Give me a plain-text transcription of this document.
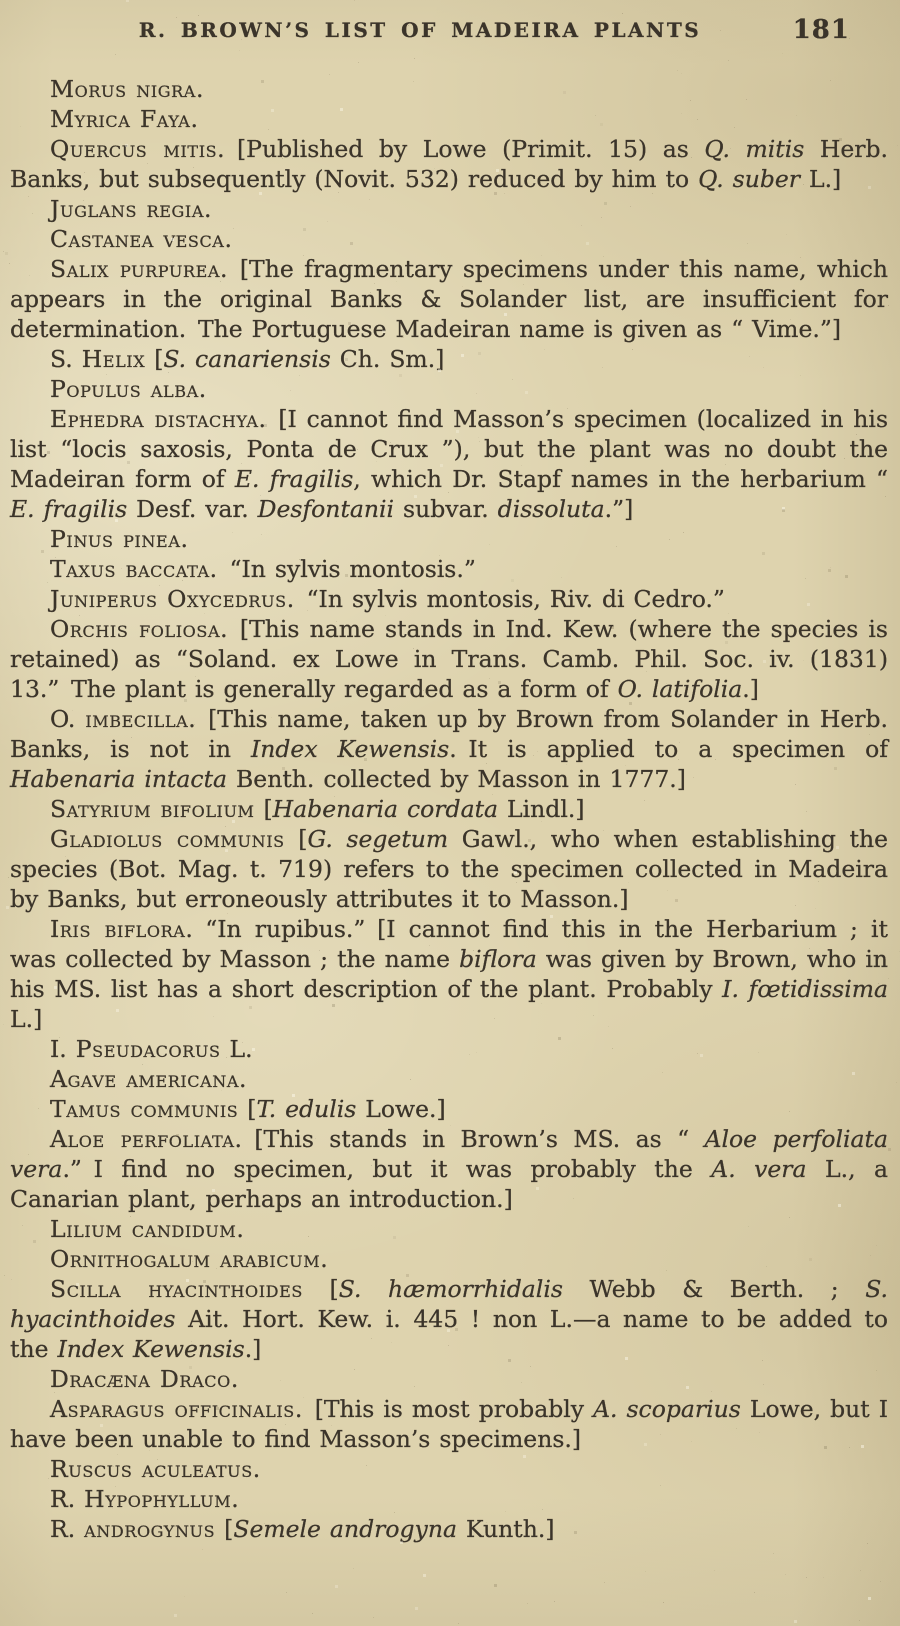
R. BROWN’S LIST OF MADEIRA PLANTS	181

Morus nigra.

Myrica Faya.

Quercus mitis. [Published by Lowe (Primit. 15) as Q. mitis Herb. Banks, but subsequently (Novit. 532) reduced by him to Q. suber L.]

Juglans regia.

Castanea vesca.

Salix purpurea. [The fragmentary specimens under this name, which appears in the original Banks & Solander list, are insufficient for determination. The Portuguese Madeiran name is given as “ Vime.”]

S. Helix [S. canariensis Ch. Sm.]

Populus alba.

Ephedra distachya. [I cannot find Masson’s specimen (localized in his list “locis saxosis, Ponta de Crux ”), but the plant was no doubt the Madeiran form of E. fragilis, which Dr. Stapf names in the herbarium “ E. fragilis Desf. var. Desfontanii subvar. dissoluta.”]

Pinus pinea.

Taxus baccata. “In sylvis montosis.”

Juniperus Oxycedrus. “In sylvis montosis, Riv. di Cedro.”

Orchis foliosa. [This name stands in Ind. Kew. (where the species is retained) as “Soland. ex Lowe in Trans. Camb. Phil. Soc. iv. (1831) 13.” The plant is generally regarded as a form of O. latifolia.]

O. imbecilla. [This name, taken up by Brown from Solander in Herb. Banks, is not in Index Kewensis. It is applied to a specimen of Habenaria intacta Benth. collected by Masson in 1777.]

Satyrium bifolium [Habenaria cordata Lindl.]

Gladiolus communis [G. segetum Gawl., who when establishing the species (Bot. Mag. t. 719) refers to the specimen collected in Madeira by Banks, but erroneously attributes it to Masson.]

Iris biflora. “In rupibus.” [I cannot find this in the Herbarium ; it was collected by Masson ; the name biflora was given by Brown, who in his MS. list has a short description of the plant. Probably I. fœtidissima L.]

I. Pseudacorus L.

Agave americana.

Tamus communis [T. edulis Lowe.]

Aloe perfoliata. [This stands in Brown’s MS. as “ Aloe perfoliata vera.” I find no specimen, but it was probably the A. vera L., a Canarian plant, perhaps an introduction.]

Lilium candidum.

Ornithogalum arabicum.

Scilla hyacinthoides [S. hæmorrhidalis Webb & Berth. ; S. hyacinthoides Ait. Hort. Kew. i. 445 ! non L.—a name to be added to the Index Kewensis.]

Dracæna Draco.

Asparagus officinalis. [This is most probably A. scoparius Lowe, but I have been unable to find Masson’s specimens.]

Ruscus aculeatus.

R. Hypophyllum.

R. androgynus [Semele androgyna Kunth.]
